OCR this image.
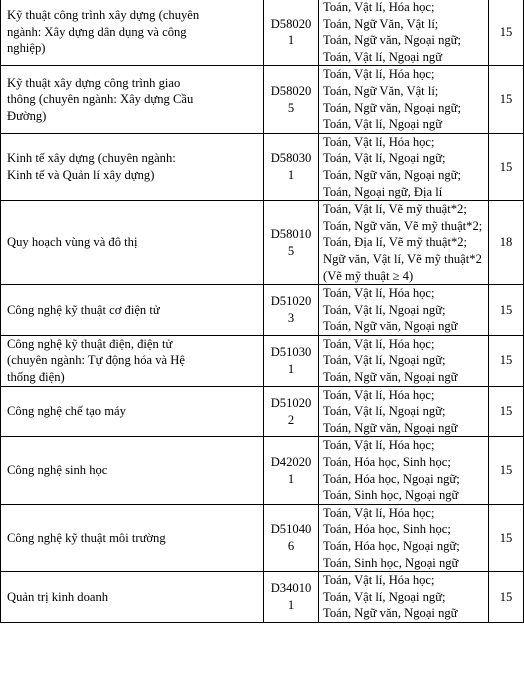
Kỹ thuật công trình xây dựng (chuyên
ngành: Xây dựng dân dụng và công
nghiệp)	D58020
1	Toán, Vật lí, Hóa học;
Toán, Ngữ Văn, Vật lí;
Toán, Ngữ văn, Ngoại ngữ;
Toán, Vật lí, Ngoại ngữ	15

Kỹ thuật xây dựng công trình giao
thông (chuyên ngành: Xây dựng Cầu
Đường)	D58020
5	Toán, Vật lí, Hóa học;
Toán, Ngữ Văn, Vật lí;
Toán, Ngữ văn, Ngoại ngữ;
Toán, Vật lí, Ngoại ngữ	15

Kinh tế xây dựng (chuyên ngành:
Kinh tế và Quản lí xây dựng)	D58030
1	Toán, Vật lí, Hóa học;
Toán, Vật lí, Ngoại ngữ;
Toán, Ngữ văn, Ngoại ngữ;
Toán, Ngoại ngữ, Địa lí	15

Quy hoạch vùng và đô thị	D58010
5	Toán, Vật lí, Vẽ mỹ thuật*2;
Toán, Ngữ văn, Vẽ mỹ thuật*2;
Toán, Địa lí, Vẽ mỹ thuật*2;
Ngữ văn, Vật lí, Vẽ mỹ thuật*2
(Vẽ mỹ thuật ≥ 4)	18

Công nghệ kỹ thuật cơ điện tử	D51020
3	Toán, Vật lí, Hóa học;
Toán, Vật lí, Ngoại ngữ;
Toán, Ngữ văn, Ngoại ngữ	15

Công nghệ kỹ thuật điện, điện tử
(chuyên ngành: Tự động hóa và Hệ
thống điện)	D51030
1	Toán, Vật lí, Hóa học;
Toán, Vật lí, Ngoại ngữ;
Toán, Ngữ văn, Ngoại ngữ	15

Công nghệ chế tạo máy	D51020
2	Toán, Vật lí, Hóa học;
Toán, Vật lí, Ngoại ngữ;
Toán, Ngữ văn, Ngoại ngữ	15

Công nghệ sinh học	D42020
1	Toán, Vật lí, Hóa học;
Toán, Hóa học, Sinh học;
Toán, Hóa học, Ngoại ngữ;
Toán, Sinh học, Ngoại ngữ	15

Công nghệ kỹ thuật môi trường	D51040
6	Toán, Vật lí, Hóa học;
Toán, Hóa học, Sinh học;
Toán, Hóa học, Ngoại ngữ;
Toán, Sinh học, Ngoại ngữ	15

Quản trị kinh doanh	D34010
1	Toán, Vật lí, Hóa học;
Toán, Vật lí, Ngoại ngữ;
Toán, Ngữ văn, Ngoại ngữ	15
